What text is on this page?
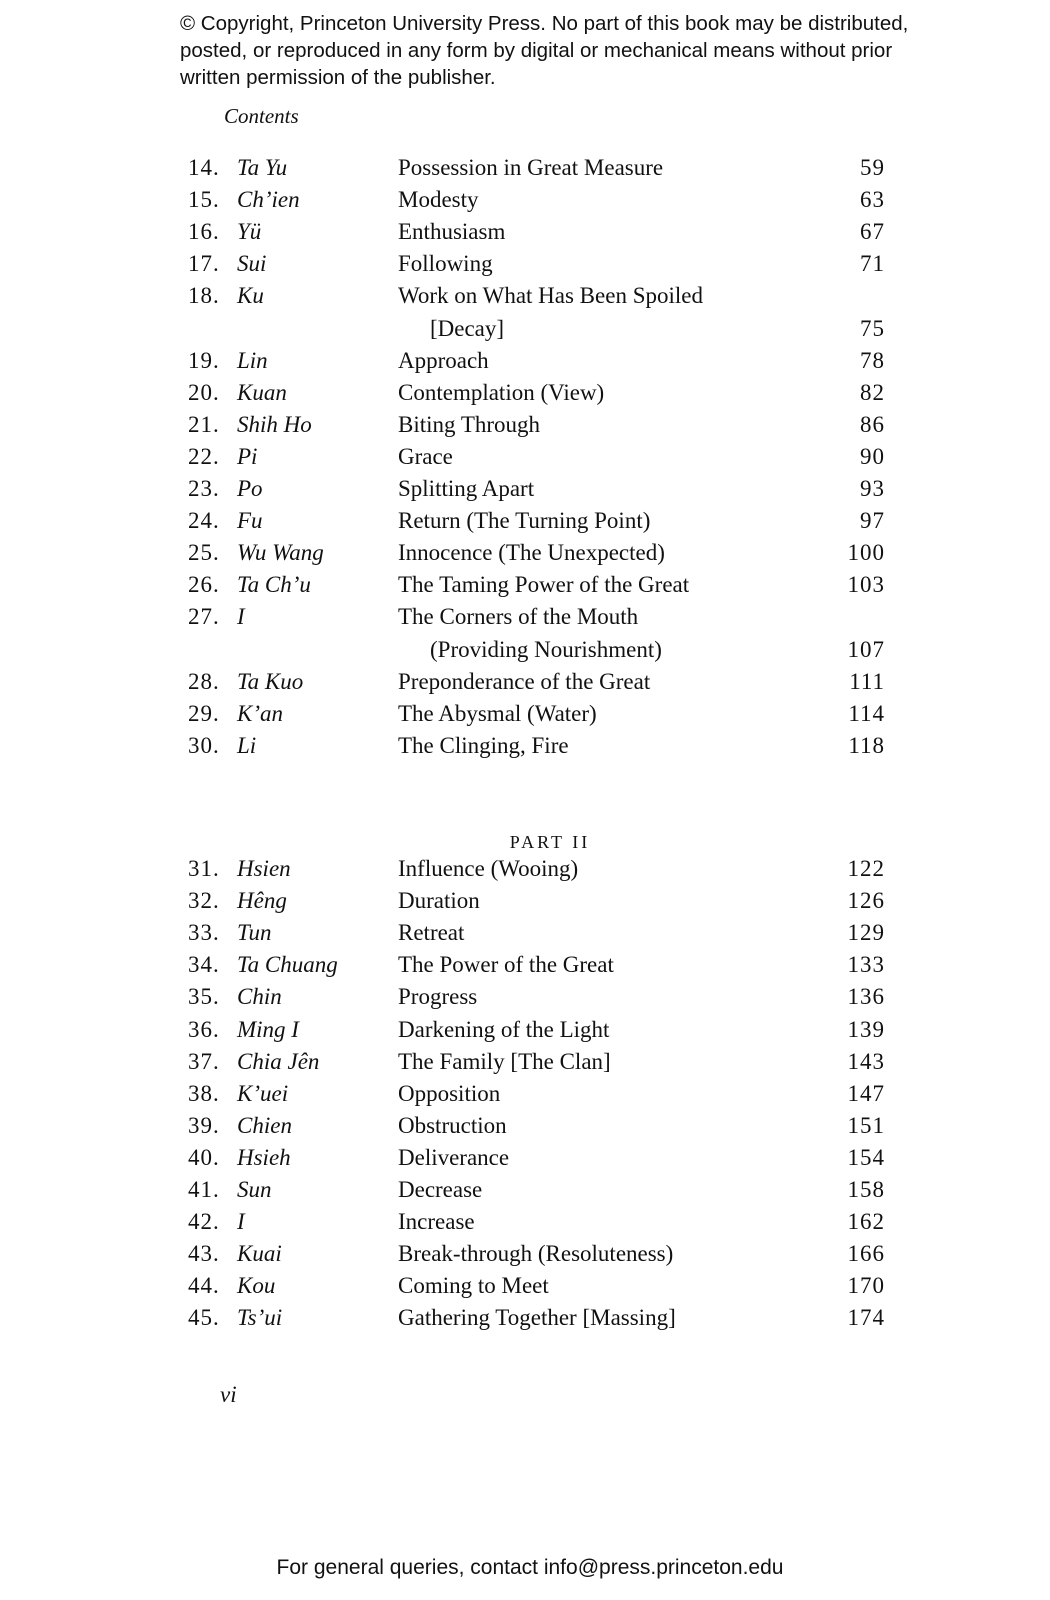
© Copyright, Princeton University Press. No part of this book may be distributed, posted, or reproduced in any form by digital or mechanical means without prior written permission of the publisher.
Contents
14. Ta Yu	Possession in Great Measure	59
15. Ch’ien	Modesty	63
16. Yü	Enthusiasm	67
17. Sui	Following	71
18. Ku	Work on What Has Been Spoiled
[Decay]	75
19. Lin	Approach	78
20. Kuan	Contemplation (View)	82
21. Shih Ho	Biting Through	86
22. Pi	Grace	90
23. Po	Splitting Apart	93
24. Fu	Return (The Turning Point)	97
25. Wu Wang	Innocence (The Unexpected)	100
26. Ta Ch’u	The Taming Power of the Great	103
27. I	The Corners of the Mouth
(Providing Nourishment)	107
28. Ta Kuo	Preponderance of the Great	111
29. K’an	The Abysmal (Water)	114
30. Li	The Clinging, Fire	118
31. Hsien	Influence (Wooing)	122
32. Hêng	Duration	126
33. Tun	Retreat	129
34. Ta Chuang	The Power of the Great	133
35. Chin	Progress	136
36. Ming I	Darkening of the Light	139
37. Chia Jên	The Family [The Clan]	143
38. K’uei	Opposition	147
39. Chien	Obstruction	151
40. Hsieh	Deliverance	154
41. Sun	Decrease	158
42. I	Increase	162
43. Kuai	Break-through (Resoluteness)	166
44. Kou	Coming to Meet	170
45. Ts’ui	Gathering Together [Massing]	174
PART II
vi
For general queries, contact info@press.princeton.edu
